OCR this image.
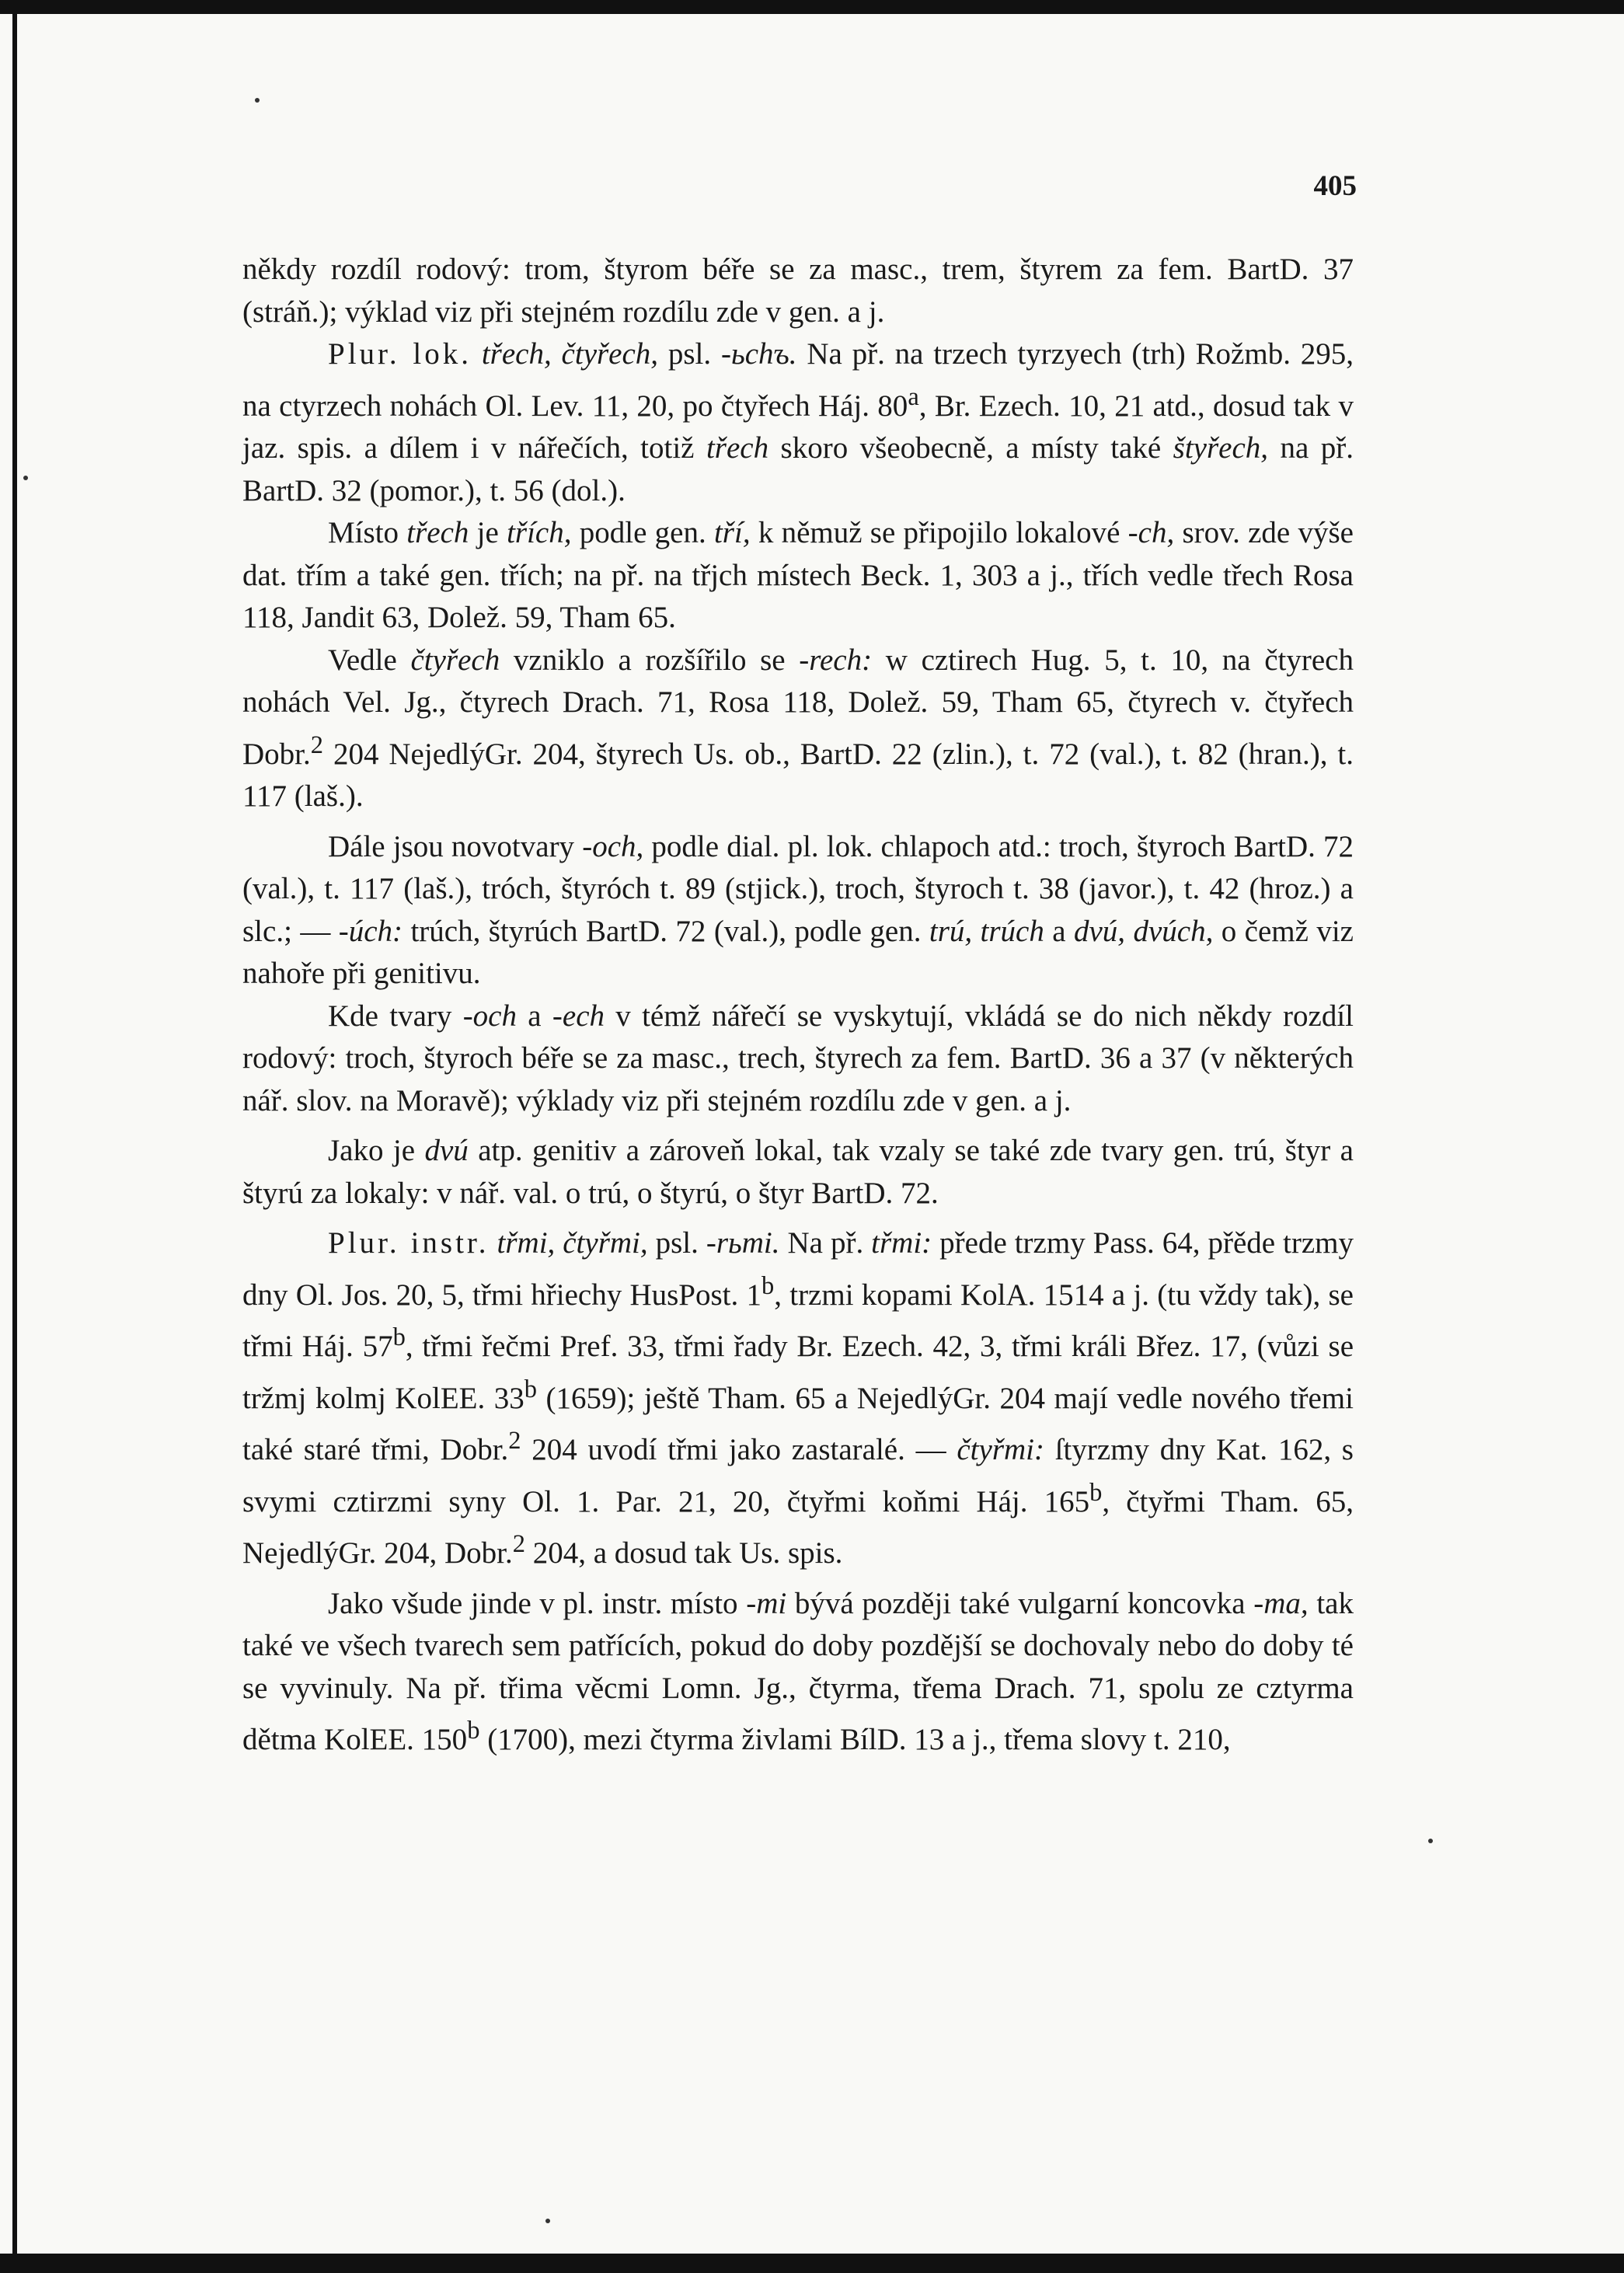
405

někdy rozdíl rodový: trom, štyrom béře se za masc., trem, štyrem za fem. BartD. 37 (stráň.); výklad viz při stejném rozdílu zde v gen. a j.

Plur. lok. třech, čtyřech, psl. -ьchъ. Na př. na trzech tyrzyech (trh) Rožmb. 295, na ctyrzech nohách Ol. Lev. 11, 20, po čtyřech Háj. 80$^a$, Br. Ezech. 10, 21 atd., dosud tak v jaz. spis. a dílem i v nářečích, totiž třech skoro všeobecně, a místy také štyřech, na př. BartD. 32 (pomor.), t. 56 (dol.).

Místo třech je třích, podle gen. tří, k němuž se připojilo lokalové -ch, srov. zde výše dat. třím a také gen. třích; na př. na třjch místech Beck. 1, 303 a j., třích vedle třech Rosa 118, Jandit 63, Dolež. 59, Tham 65.

Vedle čtyřech vzniklo a rozšířilo se -rech: w cztirech Hug. 5, t. 10, na čtyrech nohách Vel. Jg., čtyrech Drach. 71, Rosa 118, Dolež. 59, Tham 65, čtyrech v. čtyřech Dobr.$^2$ 204 NejedlýGr. 204, štyrech Us. ob., BartD. 22 (zlin.), t. 72 (val.), t. 82 (hran.), t. 117 (laš.).

Dále jsou novotvary -och, podle dial. pl. lok. chlapoch atd.: troch, štyroch BartD. 72 (val.), t. 117 (laš.), tróch, štyróch t. 89 (stjick.), troch, štyroch t. 38 (javor.), t. 42 (hroz.) a slc.; — -úch: trúch, štyrúch BartD. 72 (val.), podle gen. trú, trúch a dvú, dvúch, o čemž viz nahoře při genitivu.

Kde tvary -och a -ech v témž nářečí se vyskytují, vkládá se do nich někdy rozdíl rodový: troch, štyroch béře se za masc., trech, štyrech za fem. BartD. 36 a 37 (v některých nář. slov. na Moravě); výklady viz při stejném rozdílu zde v gen. a j.

Jako je dvú atp. genitiv a zároveň lokal, tak vzaly se také zde tvary gen. trú, štyr a štyrú za lokaly: v nář. val. o trú, o štyrú, o štyr BartD. 72.

Plur. instr. třmi, čtyřmi, psl. -rьmi. Na př. třmi: přede trzmy Pass. 64, přěde trzmy dny Ol. Jos. 20, 5, třmi hřiechy HusPost. 1$^b$, trzmi kopami KolA. 1514 a j. (tu vždy tak), se třmi Háj. 57$^b$, třmi řečmi Pref. 33, třmi řady Br. Ezech. 42, 3, třmi králi Břez. 17, (vůzi se tržmj kolmj KolEE. 33$^b$ (1659); ještě Tham. 65 a NejedlýGr. 204 mají vedle nového třemi také staré třmi, Dobr.$^2$ 204 uvodí třmi jako zastaralé. — čtyřmi: ſtyrzmy dny Kat. 162, s svymi cztirzmi syny Ol. 1. Par. 21, 20, čtyřmi koňmi Háj. 165$^b$, čtyřmi Tham. 65, NejedlýGr. 204, Dobr.$^2$ 204, a dosud tak Us. spis.

Jako všude jinde v pl. instr. místo -mi bývá později také vulgarní koncovka -ma, tak také ve všech tvarech sem patřících, pokud do doby pozdější se dochovaly nebo do doby té se vyvinuly. Na př. třima věcmi Lomn. Jg., čtyrma, třema Drach. 71, spolu ze cztyrma dětma KolEE. 150$^b$ (1700), mezi čtyrma živlami BílD. 13 a j., třema slovy t. 210,
